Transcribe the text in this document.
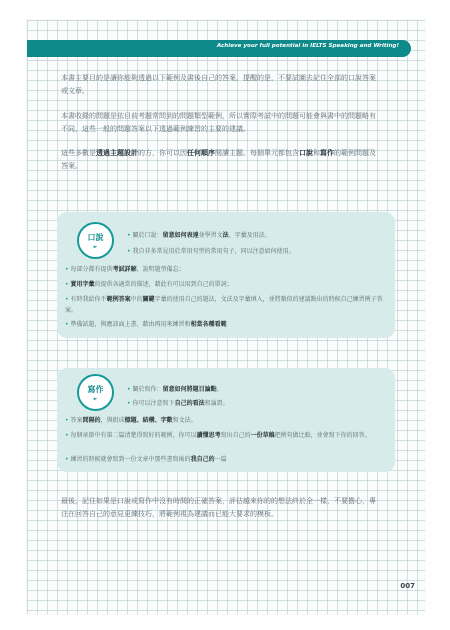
Achieve your full potential in IELTS Speaking and Writing!

本書主要目的是讓你能夠透過以下範例及書後自己的答案，提醒的是，不要試圖去記住全部的口說答案或文章。

本書收錄的問題是依目前考題常問到的問題類型範例，所以實際考試中的問題可能會與書中的問題略有不同，這些一般的問題答案以下透過範例練習的主要的建議。

這些多數是透過主題設計的方，你可以因任何順序閱讀主題。每個單元都包含口說和寫作的範例問題及答案。

口說
►
• 關於口說：留意如何表達並學習文法、字彙及用法。
• 我自非多常見用於常用句型的常用句子，同以注意如何使用。
• 每部分都有提供考試詳解，說明題型備忘；
• 實用字彙的提供各適當的描述，藉此有可以用到自己的單詞；
• 有時我給你不範例答案中的關鍵字彙的使用自己的題法，文法及字彙填入，並將類似的建議點出的時候自己練習例子答案。
• 準備試題，與應該面上書，藉由再用來練習和相當各種看範
寫作
►
• 關於寫作：留意如何將題目論點。
• 你可以注意寫下自己的看法和論證。
• 答案間隔的，與組成標題、結構、字數和文法。
• 每個章節中有第二篇清楚得寫好的範例，你可以讀懂思考寫出自己的一份草稿把例句做比較，並會寫下你的回答。
• 練習的時候就會寫到一份文章中那些書寫後的我自己的一篇

最後，記住如果是口說或寫作中沒有時間的正確答案，評估越來你的的想法終於全一樣，不要擔心，專注在回答自己的意見更練技巧，將範例視為建議而已能大要求的模板。

007
